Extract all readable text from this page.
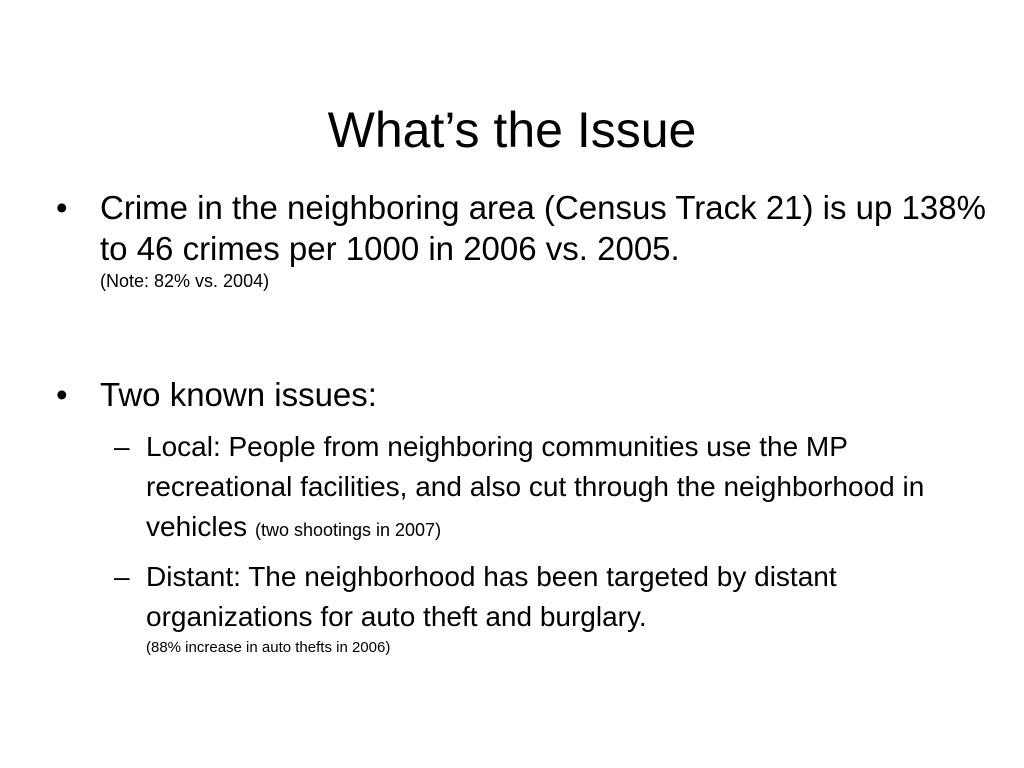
What’s the Issue
• Crime in the neighboring area (Census Track 21) is up 138% to 46 crimes per 1000 in 2006 vs. 2005.
(Note: 82% vs. 2004)
• Two known issues:
– Local: People from neighboring communities use the MP recreational facilities, and also cut through the neighborhood in vehicles (two shootings in 2007)
– Distant: The neighborhood has been targeted by distant organizations for auto theft and burglary.
(88% increase in auto thefts in 2006)
